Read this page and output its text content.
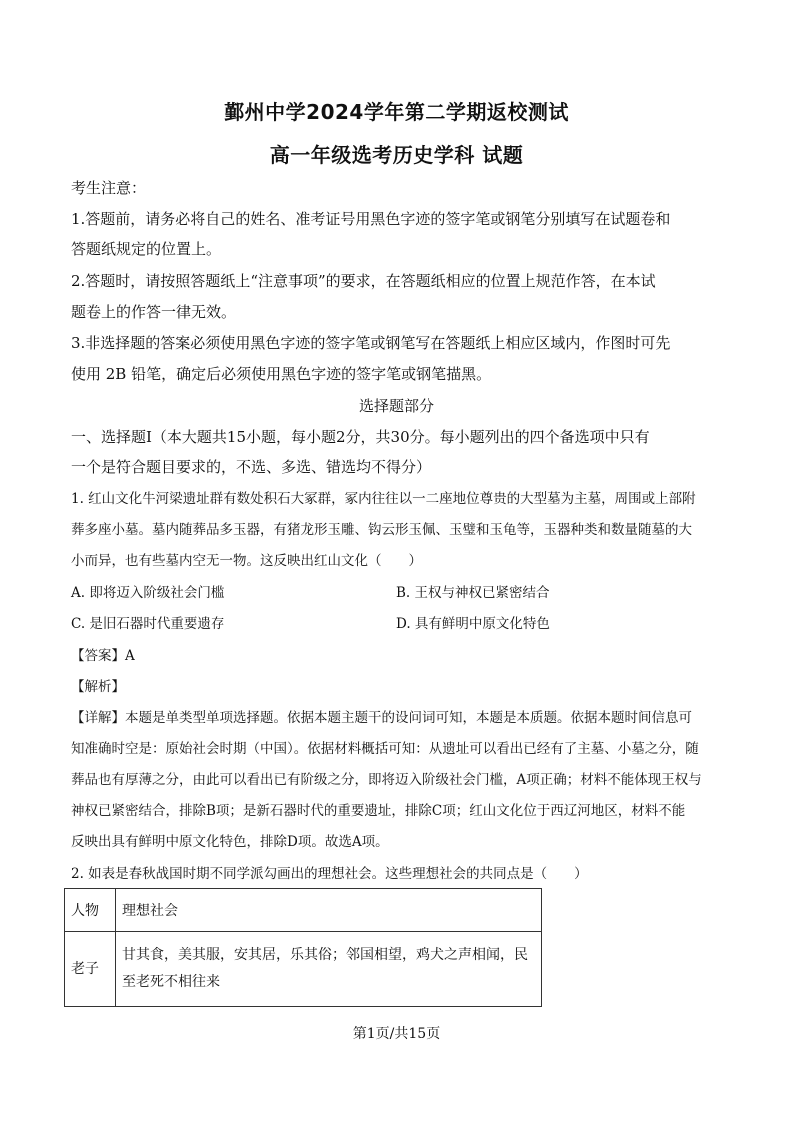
鄞州中学2024学年第二学期返校测试
高一年级选考历史学科 试题
考生注意：
1.答题前，请务必将自己的姓名、准考证号用黑色字迹的签字笔或钢笔分别填写在试题卷和
答题纸规定的位置上。
2.答题时，请按照答题纸上“注意事项”的要求，在答题纸相应的位置上规范作答，在本试
题卷上的作答一律无效。
3.非选择题的答案必须使用黑色字迹的签字笔或钢笔写在答题纸上相应区域内，作图时可先
使用 2B 铅笔，确定后必须使用黑色字迹的签字笔或钢笔描黑。
选择题部分
一、选择题Ⅰ（本大题共15小题，每小题2分，共30分。每小题列出的四个备选项中只有
一个是符合题目要求的，不选、多选、错选均不得分）
1. 红山文化牛河梁遗址群有数处积石大冢群，冢内往往以一二座地位尊贵的大型墓为主墓，周围或上部附
葬多座小墓。墓内随葬品多玉器，有猪龙形玉雕、钩云形玉佩、玉璧和玉龟等，玉器种类和数量随墓的大
小而异，也有些墓内空无一物。这反映出红山文化（　　）
A. 即将迈入阶级社会门槛	B. 王权与神权已紧密结合
C. 是旧石器时代重要遗存	D. 具有鲜明中原文化特色
【答案】A
【解析】
【详解】本题是单类型单项选择题。依据本题主题干的设问词可知，本题是本质题。依据本题时间信息可
知准确时空是：原始社会时期（中国）。依据材料概括可知：从遗址可以看出已经有了主墓、小墓之分，随
葬品也有厚薄之分，由此可以看出已有阶级之分，即将迈入阶级社会门槛，A项正确；材料不能体现王权与
神权已紧密结合，排除B项；是新石器时代的重要遗址，排除C项；红山文化位于西辽河地区，材料不能
反映出具有鲜明中原文化特色，排除D项。故选A项。
2. 如表是春秋战国时期不同学派勾画出的理想社会。这些理想社会的共同点是（　　）
人物	理想社会
老子	甘其食，美其服，安其居，乐其俗；邻国相望，鸡犬之声相闻，民至老死不相往来
第1页/共15页
